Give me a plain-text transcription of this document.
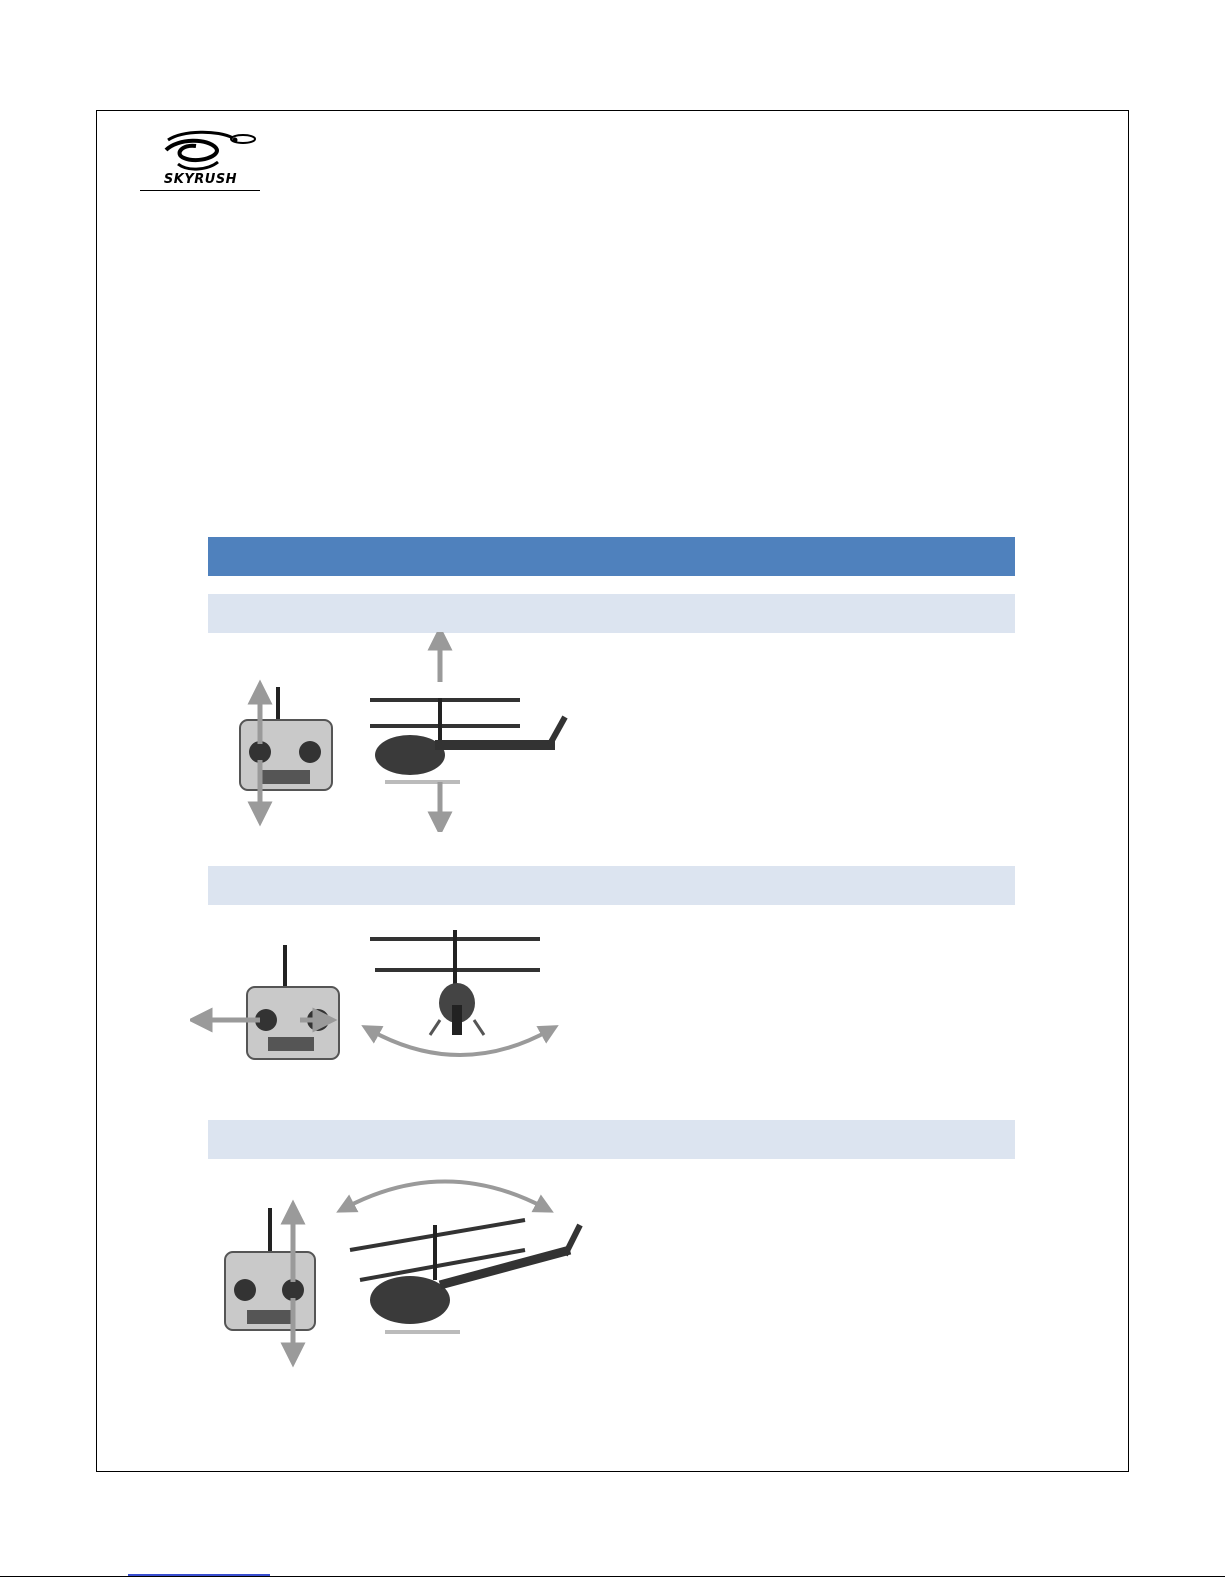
SKYRUSH
